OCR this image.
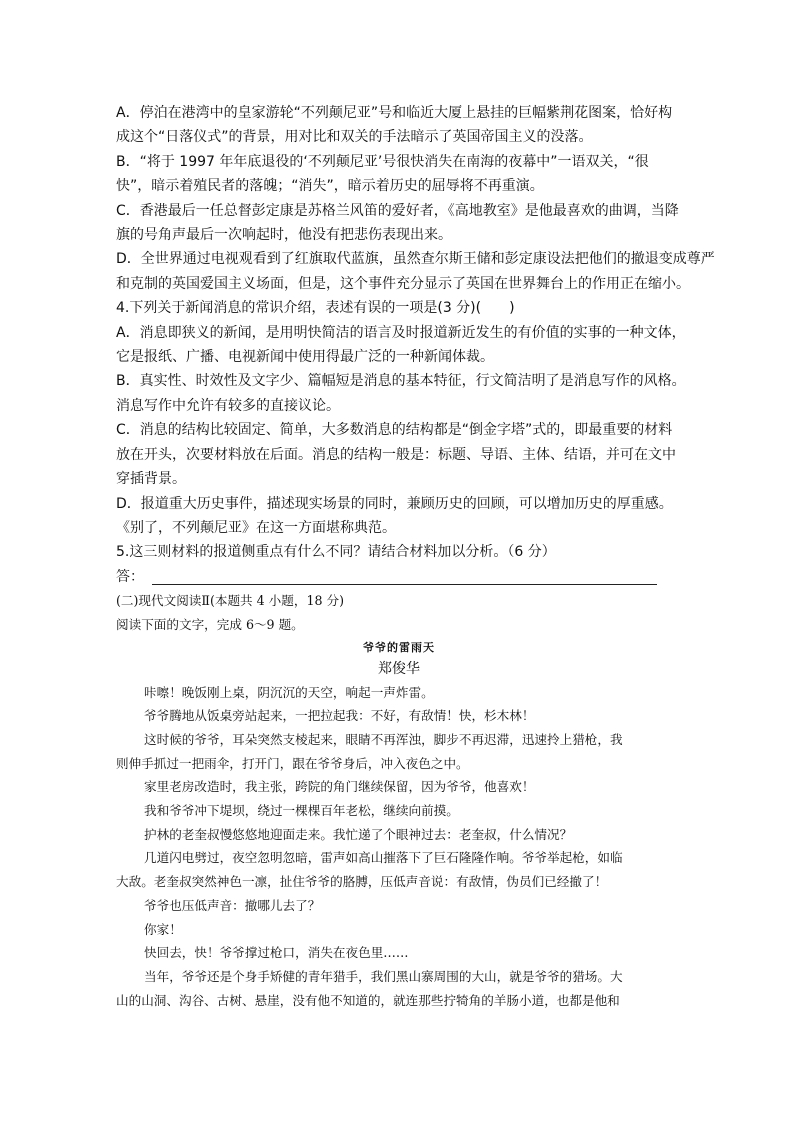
A．停泊在港湾中的皇家游轮“不列颠尼亚”号和临近大厦上悬挂的巨幅紫荆花图案，恰好构

成这个“日落仪式”的背景，用对比和双关的手法暗示了英国帝国主义的没落。

B．“将于 1997 年年底退役的‘不列颠尼亚’号很快消失在南海的夜幕中”一语双关，“很

快”，暗示着殖民者的落魄；“消失”，暗示着历史的屈辱将不再重演。

C．香港最后一任总督彭定康是苏格兰风笛的爱好者，《高地教室》是他最喜欢的曲调，当降

旗的号角声最后一次响起时，他没有把悲伤表现出来。

D．全世界通过电视观看到了红旗取代蓝旗，虽然查尔斯王储和彭定康设法把他们的撤退变成尊严

和克制的英国爱国主义场面，但是，这个事件充分显示了英国在世界舞台上的作用正在缩小。

4.下列关于新闻消息的常识介绍，表述有误的一项是(3 分)(　　)

A．消息即狭义的新闻，是用明快简洁的语言及时报道新近发生的有价值的实事的一种文体，

它是报纸、广播、电视新闻中使用得最广泛的一种新闻体裁。

B．真实性、时效性及文字少、篇幅短是消息的基本特征，行文简洁明了是消息写作的风格。

消息写作中允许有较多的直接议论。

C．消息的结构比较固定、简单，大多数消息的结构都是“倒金字塔”式的，即最重要的材料

放在开头，次要材料放在后面。消息的结构一般是：标题、导语、主体、结语，并可在文中

穿插背景。

D．报道重大历史事件，描述现实场景的同时，兼顾历史的回顾，可以增加历史的厚重感。

《别了，不列颠尼亚》在这一方面堪称典范。

5.这三则材料的报道侧重点有什么不同？请结合材料加以分析。（6 分）

答：

(二)现代文阅读Ⅱ(本题共 4 小题，18 分)

阅读下面的文字，完成 6～9 题。

爷爷的雷雨天
郑俊华

咔嚓！晚饭刚上桌，阴沉沉的天空，响起一声炸雷。

爷爷腾地从饭桌旁站起来，一把拉起我：不好，有敌情！快，杉木林！

这时候的爷爷，耳朵突然支棱起来，眼睛不再浑浊，脚步不再迟滞，迅速拎上猎枪，我

则伸手抓过一把雨伞，打开门，跟在爷爷身后，冲入夜色之中。

家里老房改造时，我主张，跨院的角门继续保留，因为爷爷，他喜欢！

我和爷爷冲下堤坝，绕过一棵棵百年老松，继续向前摸。

护林的老奎叔慢悠悠地迎面走来。我忙递了个眼神过去：老奎叔，什么情况？

几道闪电劈过，夜空忽明忽暗，雷声如高山摧落下了巨石隆隆作响。爷爷举起枪，如临

大敌。老奎叔突然神色一凛，扯住爷爷的胳膊，压低声音说：有敌情，伪员们已经撤了！

爷爷也压低声音：撤哪儿去了？

你家！

快回去，快！爷爷撑过枪口，消失在夜色里……

当年，爷爷还是个身手矫健的青年猎手，我们黑山寨周围的大山，就是爷爷的猎场。大

山的山洞、沟谷、古树、悬崖，没有他不知道的，就连那些拧犄角的羊肠小道，也都是他和
